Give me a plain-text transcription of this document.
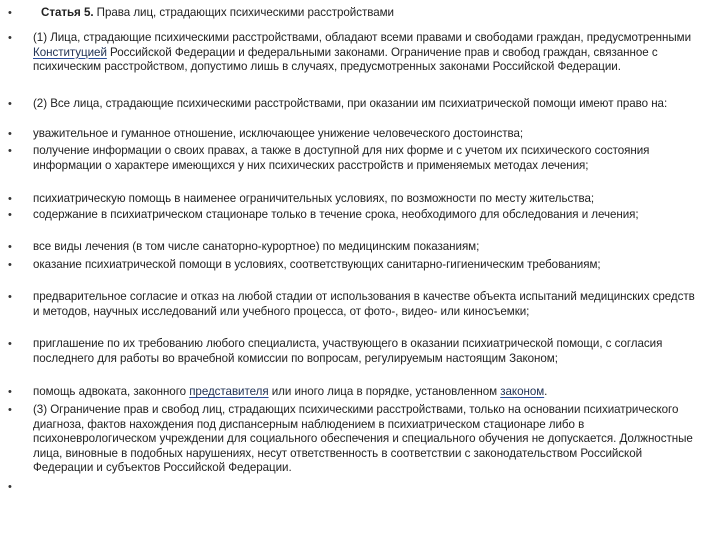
•	Статья 5. Права лиц, страдающих психическими расстройствами
• (1) Лица, страдающие психическими расстройствами, обладают всеми правами и свободами граждан, предусмотренными Конституцией Российской Федерации и федеральными законами. Ограничение прав и свобод граждан, связанное с психическим расстройством, допустимо лишь в случаях, предусмотренных законами Российской Федерации.
• (2) Все лица, страдающие психическими расстройствами, при оказании им психиатрической помощи имеют право на:
• уважительное и гуманное отношение, исключающее унижение человеческого достоинства;
• получение информации о своих правах, а также в доступной для них форме и с учетом их психического состояния информации о характере имеющихся у них психических расстройств и применяемых методах лечения;
• психиатрическую помощь в наименее ограничительных условиях, по возможности по месту жительства;
• содержание в психиатрическом стационаре только в течение срока, необходимого для обследования и лечения;
• все виды лечения (в том числе санаторно-курортное) по медицинским показаниям;
• оказание психиатрической помощи в условиях, соответствующих санитарно-гигиеническим требованиям;
• предварительное согласие и отказ на любой стадии от использования в качестве объекта испытаний медицинских средств и методов, научных исследований или учебного процесса, от фото-, видео- или киносъемки;
• приглашение по их требованию любого специалиста, участвующего в оказании психиатрической помощи, с согласия последнего для работы во врачебной комиссии по вопросам, регулируемым настоящим Законом;
• помощь адвоката, законного представителя или иного лица в порядке, установленном законом.
• (3) Ограничение прав и свобод лиц, страдающих психическими расстройствами, только на основании психиатрического диагноза, фактов нахождения под диспансерным наблюдением в психиатрическом стационаре либо в психоневрологическом учреждении для социального обеспечения и специального обучения не допускается. Должностные лица, виновные в подобных нарушениях, несут ответственность в соответствии с законодательством Российской Федерации и субъектов Российской Федерации.
•
